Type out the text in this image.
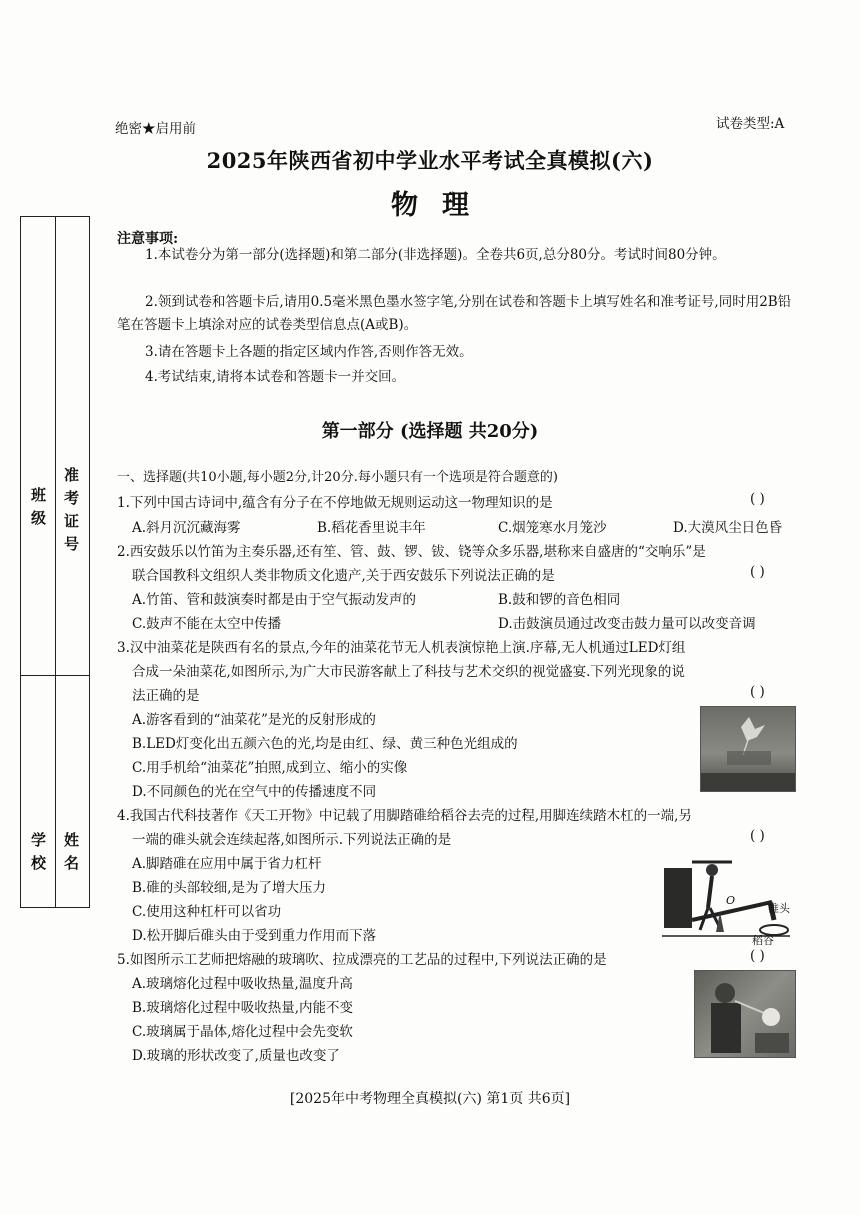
绝密★启用前	试卷类型:A
2025年陕西省初中学业水平考试全真模拟(六)
物理
班级 准考证号
学校 姓名
注意事项:
1.本试卷分为第一部分(选择题)和第二部分(非选择题)。全卷共6页,总分80分。考试时间80分钟。
2.领到试卷和答题卡后,请用0.5毫米黑色墨水签字笔,分别在试卷和答题卡上填写姓名和准考证号,同时用2B铅笔在答题卡上填涂对应的试卷类型信息点(A或B)。
3.请在答题卡上各题的指定区域内作答,否则作答无效。
4.考试结束,请将本试卷和答题卡一并交回。
第一部分 (选择题 共20分)
一、选择题(共10小题,每小题2分,计20分.每小题只有一个选项是符合题意的)
1.下列中国古诗词中,蕴含有分子在不停地做无规则运动这一物理知识的是	( )
A.斜月沉沉藏海雾	B.稻花香里说丰年	C.烟笼寒水月笼沙	D.大漠风尘日色昏
2.西安鼓乐以竹笛为主奏乐器,还有笙、管、鼓、锣、钹、铙等众多乐器,堪称来自盛唐的“交响乐”是
联合国教科文组织人类非物质文化遗产,关于西安鼓乐下列说法正确的是	( )
A.竹笛、管和鼓演奏时都是由于空气振动发声的	B.鼓和锣的音色相同
C.鼓声不能在太空中传播	D.击鼓演员通过改变击鼓力量可以改变音调
3.汉中油菜花是陕西有名的景点,今年的油菜花节无人机表演惊艳上演.序幕,无人机通过LED灯组
合成一朵油菜花,如图所示,为广大市民游客献上了科技与艺术交织的视觉盛宴.下列光现象的说
法正确的是	( )
A.游客看到的“油菜花”是光的反射形成的
B.LED灯变化出五颜六色的光,均是由红、绿、黄三种色光组成的
C.用手机给“油菜花”拍照,成到立、缩小的实像
D.不同颜色的光在空气中的传播速度不同
4.我国古代科技著作《天工开物》中记载了用脚踏碓给稻谷去壳的过程,用脚连续踏木杠的一端,另
一端的碓头就会连续起落,如图所示.下列说法正确的是	( )
A.脚踏碓在应用中属于省力杠杆
B.碓的头部较细,是为了增大压力
C.使用这种杠杆可以省功
D.松开脚后碓头由于受到重力作用而下落
O
碓头
稻谷
5.如图所示工艺师把熔融的玻璃吹、拉成漂亮的工艺品的过程中,下列说法正确的是	( )
A.玻璃熔化过程中吸收热量,温度升高
B.玻璃熔化过程中吸收热量,内能不变
C.玻璃属于晶体,熔化过程中会先变软
D.玻璃的形状改变了,质量也改变了
[2025年中考物理全真模拟(六) 第1页 共6页]
